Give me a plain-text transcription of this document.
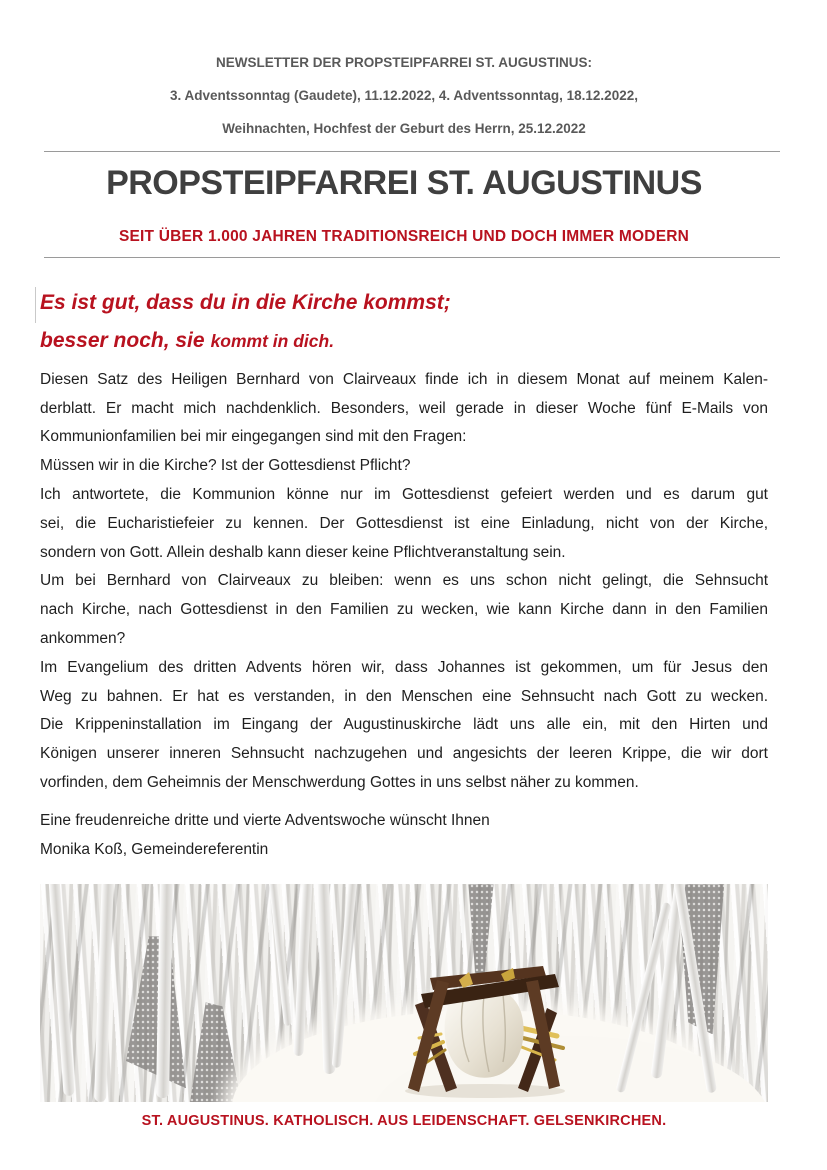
NEWSLETTER DER PROPSTEIPFARREI ST. AUGUSTINUS:
3. Adventssonntag (Gaudete), 11.12.2022, 4. Adventssonntag, 18.12.2022,
Weihnachten, Hochfest der Geburt des Herrn, 25.12.2022
PROPSTEIPFARREI ST. AUGUSTINUS
SEIT ÜBER 1.000 JAHREN TRADITIONSREICH UND DOCH IMMER MODERN
Es ist gut, dass du in die Kirche kommst;
besser noch, sie kommt in dich.
Diesen Satz des Heiligen Bernhard von Clairveaux finde ich in diesem Monat auf meinem Kalen-
derblatt. Er macht mich nachdenklich. Besonders, weil gerade in dieser Woche fünf E-Mails von
Kommunionfamilien bei mir eingegangen sind mit den Fragen:
Müssen wir in die Kirche? Ist der Gottesdienst Pflicht?
Ich antwortete, die Kommunion könne nur im Gottesdienst gefeiert werden und es darum gut
sei, die Eucharistiefeier zu kennen. Der Gottesdienst ist eine Einladung, nicht von der Kirche,
sondern von Gott. Allein deshalb kann dieser keine Pflichtveranstaltung sein.
Um bei Bernhard von Clairveaux zu bleiben: wenn es uns schon nicht gelingt, die Sehnsucht
nach Kirche, nach Gottesdienst in den Familien zu wecken, wie kann Kirche dann in den Familien
ankommen?
Im Evangelium des dritten Advents hören wir, dass Johannes ist gekommen, um für Jesus den
Weg zu bahnen. Er hat es verstanden, in den Menschen eine Sehnsucht nach Gott zu wecken.
Die Krippeninstallation im Eingang der Augustinuskirche lädt uns alle ein, mit den Hirten und
Königen unserer inneren Sehnsucht nachzugehen und angesichts der leeren Krippe, die wir dort
vorfinden, dem Geheimnis der Menschwerdung Gottes in uns selbst näher zu kommen.
Eine freudenreiche dritte und vierte Adventswoche wünscht Ihnen
Monika Koß, Gemeindereferentin
ST. AUGUSTINUS. KATHOLISCH. AUS LEIDENSCHAFT. GELSENKIRCHEN.
